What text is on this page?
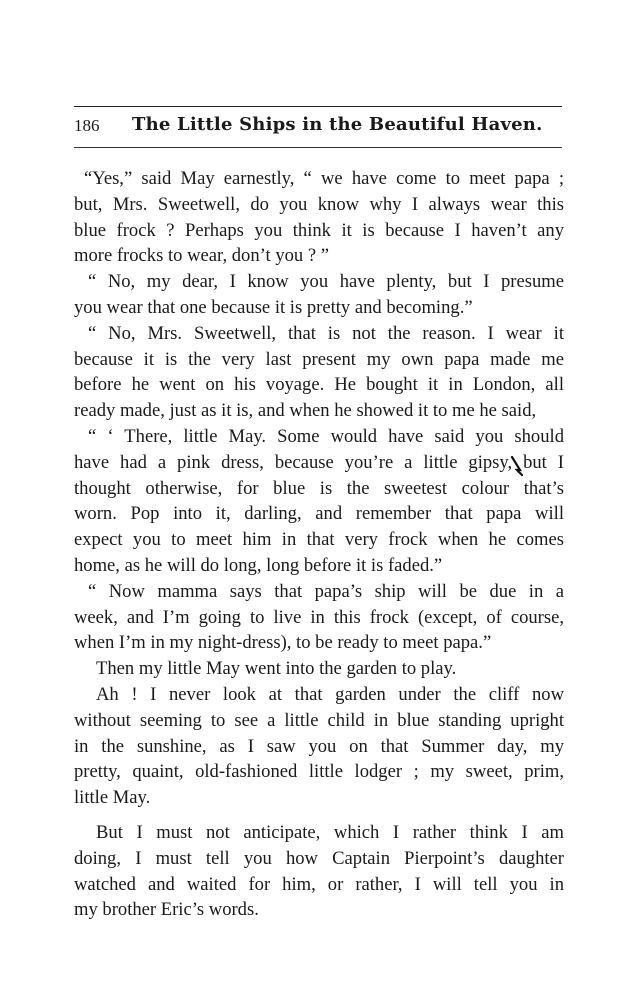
186 The Little Ships in the Beautiful Haven.
“Yes,” said May earnestly, “ we have come to meet papa ;
but, Mrs. Sweetwell, do you know why I always wear this
blue frock ? Perhaps you think it is because I haven’t any
more frocks to wear, don’t you ? ”
“ No, my dear, I know you have plenty, but I presume
you wear that one because it is pretty and becoming.”
“ No, Mrs. Sweetwell, that is not the reason. I wear it
because it is the very last present my own papa made me
before he went on his voyage. He bought it in London, all
ready made, just as it is, and when he showed it to me he said,
“ ‘ There, little May. Some would have said you should
have had a pink dress, because you’re a little gipsy, but I
thought otherwise, for blue is the sweetest colour that’s
worn. Pop into it, darling, and remember that papa will
expect you to meet him in that very frock when he comes
home, as he will do long, long before it is faded.”
“ Now mamma says that papa’s ship will be due in a
week, and I’m going to live in this frock (except, of course,
when I’m in my night-dress), to be ready to meet papa.”
Then my little May went into the garden to play.
Ah ! I never look at that garden under the cliff now
without seeming to see a little child in blue standing upright
in the sunshine, as I saw you on that Summer day, my
pretty, quaint, old-fashioned little lodger ; my sweet, prim,
little May.
But I must not anticipate, which I rather think I am
doing, I must tell you how Captain Pierpoint’s daughter
watched and waited for him, or rather, I will tell you in
my brother Eric’s words.
